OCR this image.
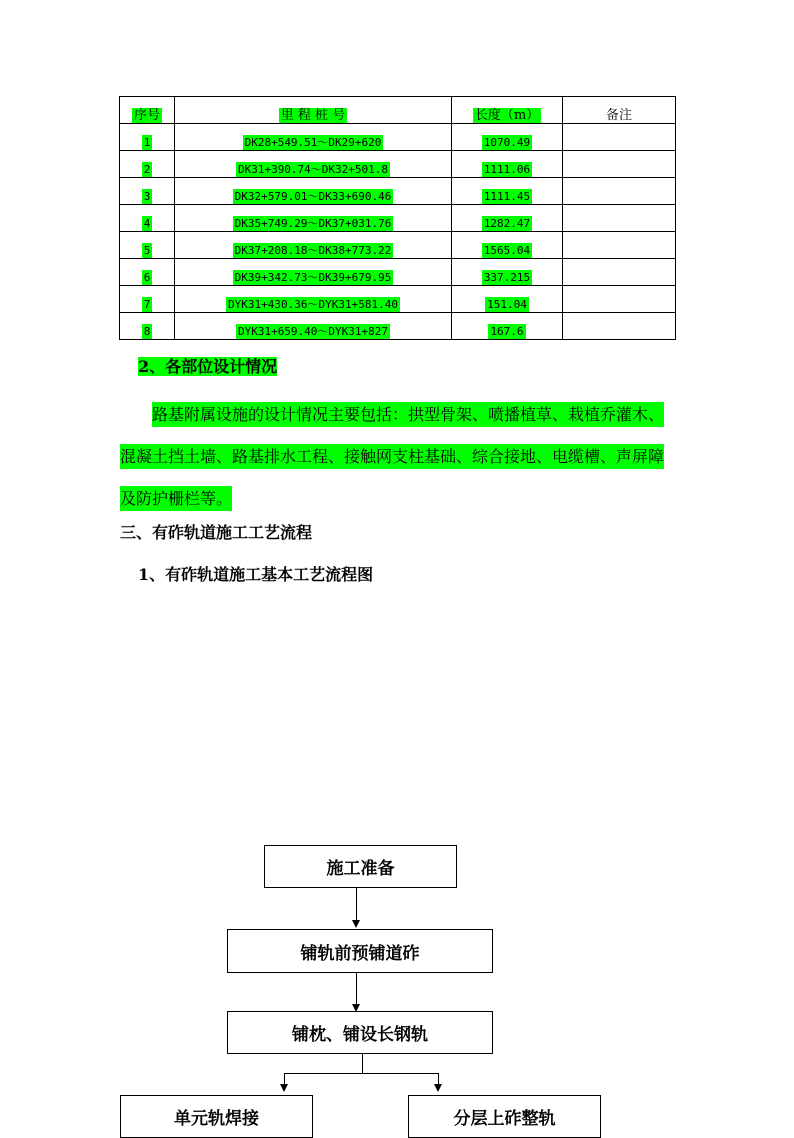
序号	里 程 桩 号	长度（m）	备注
1	DK28+549.51～DK29+620	1070.49	
2	DK31+390.74～DK32+501.8	1111.06	
3	DK32+579.01～DK33+690.46	1111.45	
4	DK35+749.29～DK37+031.76	1282.47	
5	DK37+208.18～DK38+773.22	1565.04	
6	DK39+342.73～DK39+679.95	337.215	
7	DYK31+430.36～DYK31+581.40	151.04	
8	DYK31+659.40～DYK31+827	167.6	
2、各部位设计情况

路基附属设施的设计情况主要包括：拱型骨架、喷播植草、栽植乔灌木、混凝土挡土墙、路基排水工程、接触网支柱基础、综合接地、电缆槽、声屏障及防护栅栏等。

三、有砟轨道施工工艺流程
1、有砟轨道施工基本工艺流程图
施工准备
铺轨前预铺道砟
铺枕、铺设长钢轨
单元轨焊接	分层上砟整轨
